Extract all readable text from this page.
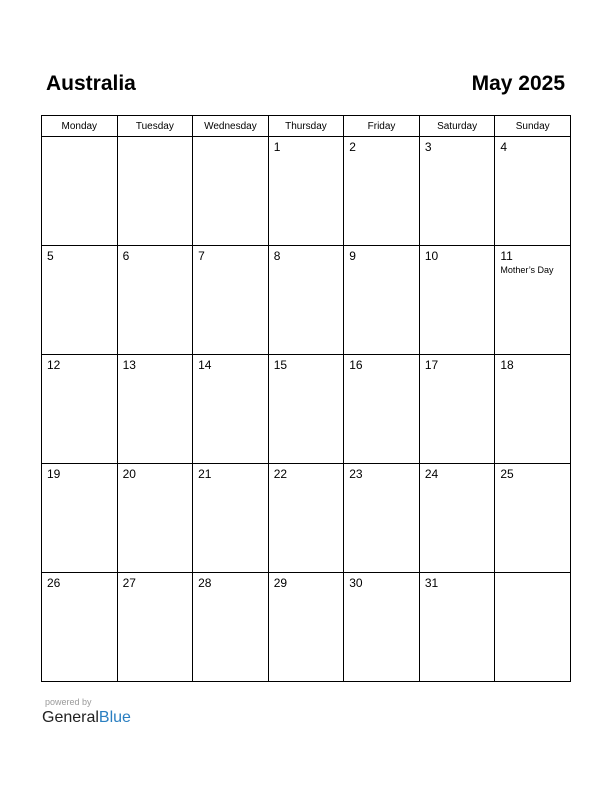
Australia	May 2025
Monday	Tuesday	Wednesday	Thursday	Friday	Saturday	Sunday

			1	2	3	4

5	6	7	8	9	10	11
Mother’s Day

12	13	14	15	16	17	18

19	20	21	22	23	24	25

26	27	28	29	30	31	

powered by
GeneralBlue
